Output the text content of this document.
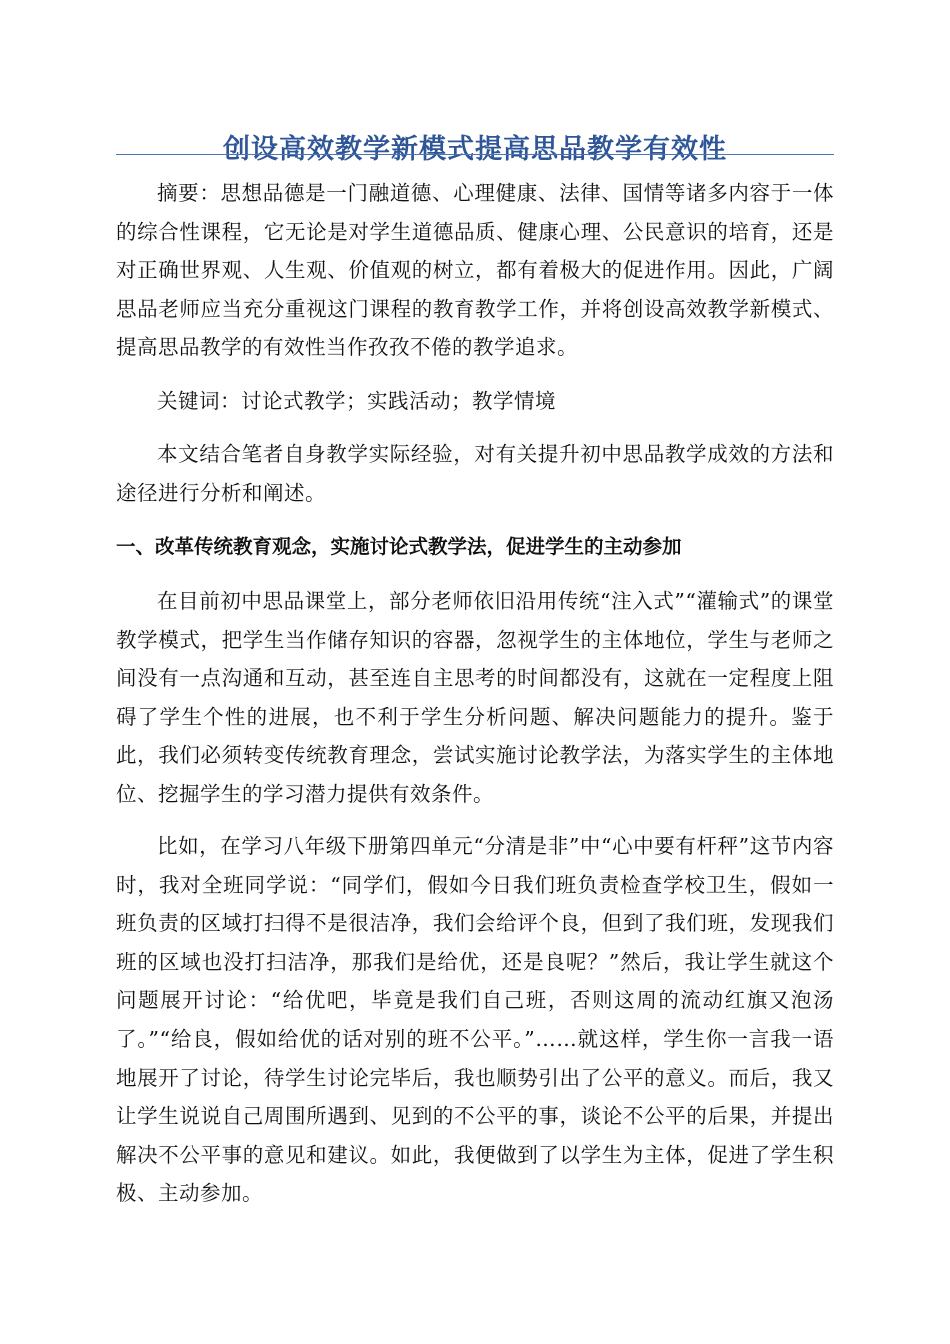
创设高效教学新模式提高思品教学有效性

摘要：思想品德是一门融道德、心理健康、法律、国情等诸多内容于一体的综合性课程，它无论是对学生道德品质、健康心理、公民意识的培育，还是对正确世界观、人生观、价值观的树立，都有着极大的促进作用。因此，广阔思品老师应当充分重视这门课程的教育教学工作，并将创设高效教学新模式、提高思品教学的有效性当作孜孜不倦的教学追求。

关键词：讨论式教学；实践活动；教学情境

本文结合笔者自身教学实际经验，对有关提升初中思品教学成效的方法和途径进行分析和阐述。

一、改革传统教育观念，实施讨论式教学法，促进学生的主动参加

在目前初中思品课堂上，部分老师依旧沿用传统“注入式”“灌输式”的课堂教学模式，把学生当作储存知识的容器，忽视学生的主体地位，学生与老师之间没有一点沟通和互动，甚至连自主思考的时间都没有，这就在一定程度上阻碍了学生个性的进展，也不利于学生分析问题、解决问题能力的提升。鉴于此，我们必须转变传统教育理念，尝试实施讨论教学法，为落实学生的主体地位、挖掘学生的学习潜力提供有效条件。

比如，在学习八年级下册第四单元“分清是非”中“心中要有杆秤”这节内容时，我对全班同学说：“同学们，假如今日我们班负责检查学校卫生，假如一班负责的区域打扫得不是很洁净，我们会给评个良，但到了我们班，发现我们班的区域也没打扫洁净，那我们是给优，还是良呢？”然后，我让学生就这个问题展开讨论：“给优吧，毕竟是我们自己班，否则这周的流动红旗又泡汤了。”“给良，假如给优的话对别的班不公平。”……就这样，学生你一言我一语地展开了讨论，待学生讨论完毕后，我也顺势引出了公平的意义。而后，我又让学生说说自己周围所遇到、见到的不公平的事，谈论不公平的后果，并提出解决不公平事的意见和建议。如此，我便做到了以学生为主体，促进了学生积极、主动参加。
